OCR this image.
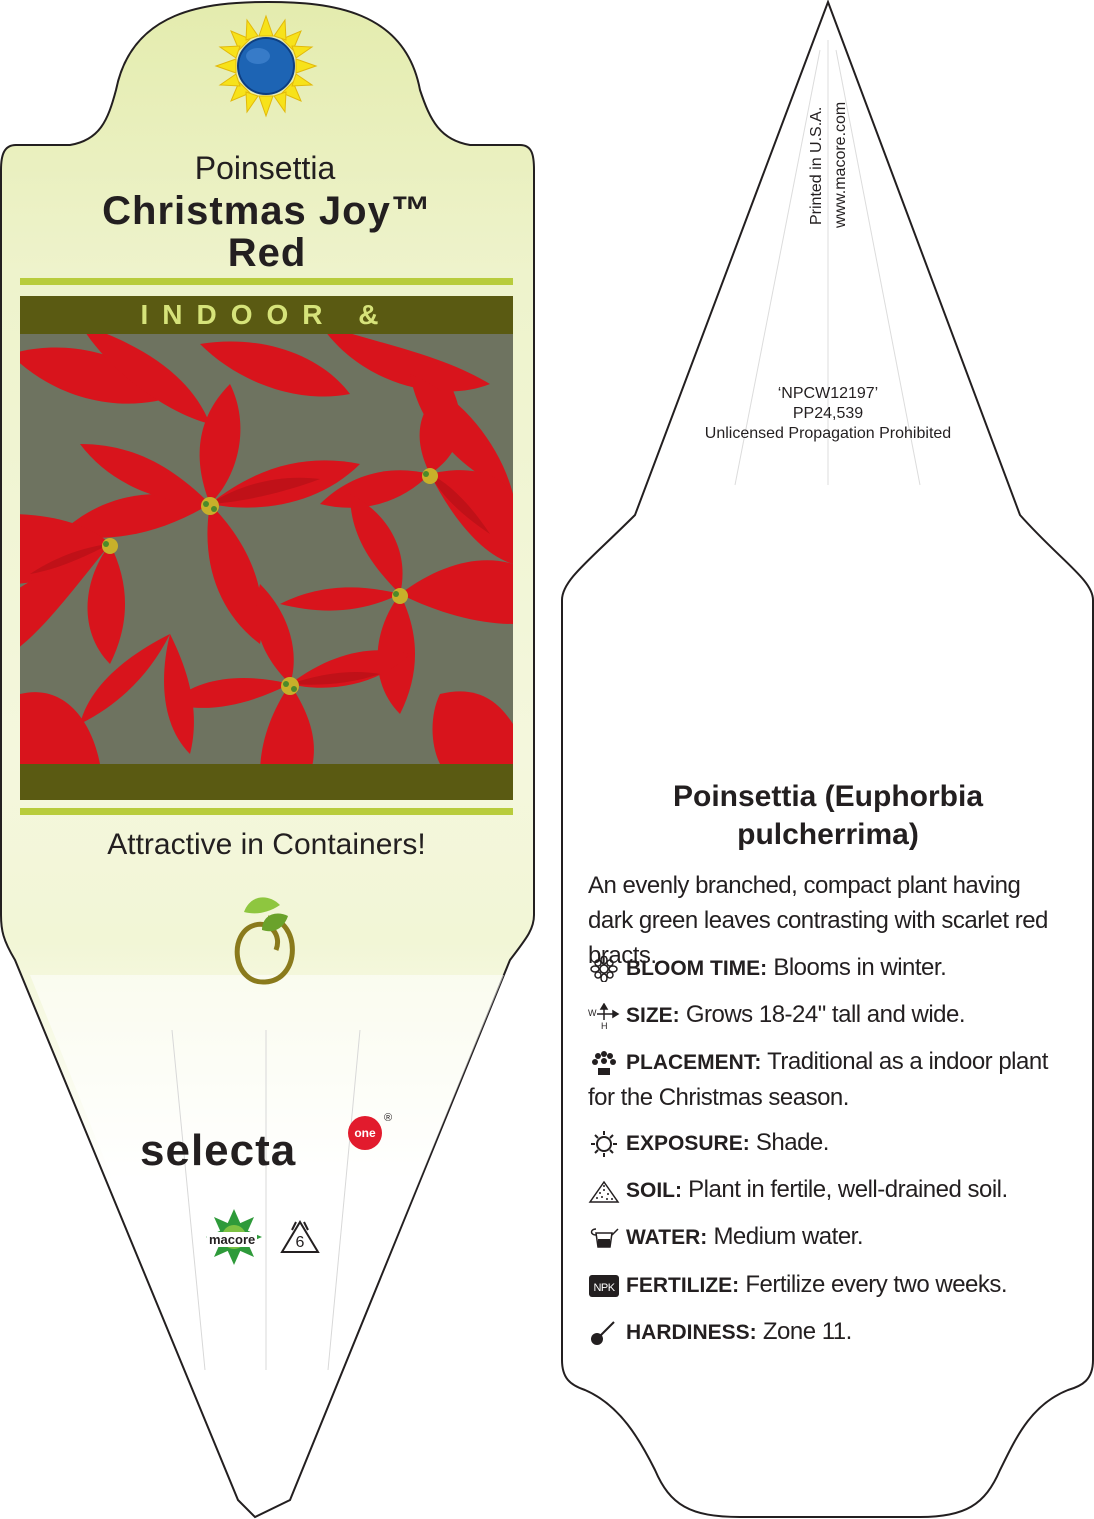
Poinsettia
Christmas Joy™
Red
INDOOR &
Attractive in Containers!
selecta	one
®
macore	6
Printed in U.S.A. www.macore.com
‘NPCW12197’
PP24,539
Unlicensed Propagation Prohibited
Poinsettia (Euphorbia pulcherrima)
An evenly branched, compact plant having dark green leaves contrasting with scarlet red bracts.
BLOOM TIME: Blooms in winter.
W
H SIZE: Grows 18-24" tall and wide.
PLACEMENT: Traditional as a indoor plant for the Christmas season.
EXPOSURE: Shade.
SOIL: Plant in fertile, well-drained soil.
WATER: Medium water.
NPK FERTILIZE: Fertilize every two weeks.
HARDINESS: Zone 11.
